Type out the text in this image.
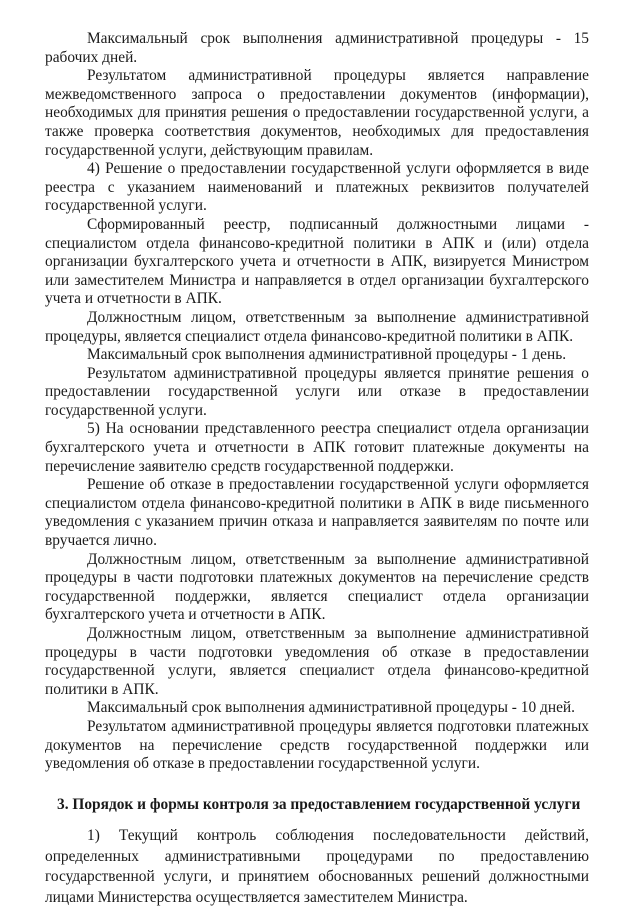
Максимальный срок выполнения административной процедуры - 15 рабочих дней.

Результатом административной процедуры является направление межведомственного запроса о предоставлении документов (информации), необходимых для принятия решения о предоставлении государственной услуги, а также проверка соответствия документов, необходимых для предоставления государственной услуги, действующим правилам.

4) Решение о предоставлении государственной услуги оформляется в виде реестра с указанием наименований и платежных реквизитов получателей государственной услуги.

Сформированный реестр, подписанный должностными лицами - специалистом отдела финансово-кредитной политики в АПК и (или) отдела организации бухгалтерского учета и отчетности в АПК, визируется Министром или заместителем Министра и направляется в отдел организации бухгалтерского учета и отчетности в АПК.

Должностным лицом, ответственным за выполнение административной процедуры, является специалист отдела финансово-кредитной политики в АПК.

Максимальный срок выполнения административной процедуры - 1 день.

Результатом административной процедуры является принятие решения о предоставлении государственной услуги или отказе в предоставлении государственной услуги.

5) На основании представленного реестра специалист отдела организации бухгалтерского учета и отчетности в АПК готовит платежные документы на перечисление заявителю средств государственной поддержки.

Решение об отказе в предоставлении государственной услуги оформляется специалистом отдела финансово-кредитной политики в АПК в виде письменного уведомления с указанием причин отказа и направляется заявителям по почте или вручается лично.

Должностным лицом, ответственным за выполнение административной процедуры в части подготовки платежных документов на перечисление средств государственной поддержки, является специалист отдела организации бухгалтерского учета и отчетности в АПК.

Должностным лицом, ответственным за выполнение административной процедуры в части подготовки уведомления об отказе в предоставлении государственной услуги, является специалист отдела финансово-кредитной политики в АПК.

Максимальный срок выполнения административной процедуры - 10 дней.

Результатом административной процедуры является подготовки платежных документов на перечисление средств государственной поддержки или уведомления об отказе в предоставлении государственной услуги.

3. Порядок и формы контроля за предоставлением государственной услуги

1) Текущий контроль соблюдения последовательности действий, определенных административными процедурами по предоставлению государственной услуги, и принятием обоснованных решений должностными лицами Министерства осуществляется заместителем Министра.
